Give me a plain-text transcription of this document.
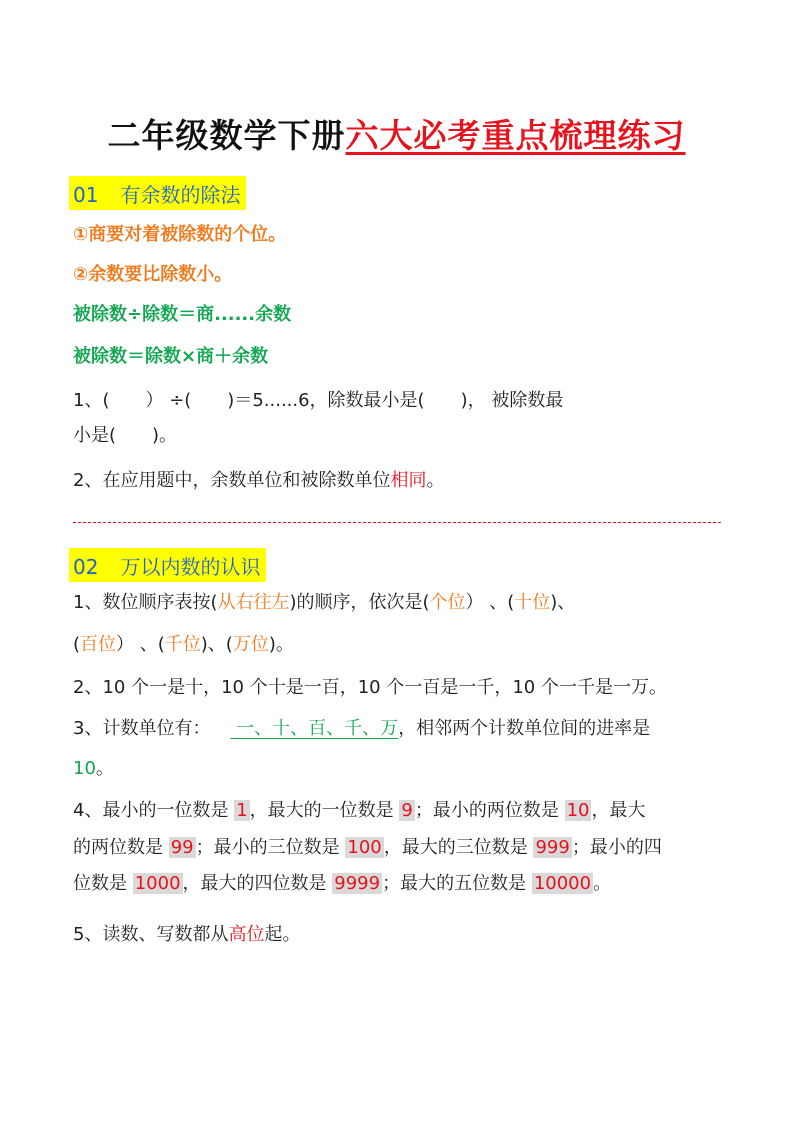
二年级数学下册六大必考重点梳理练习
01 有余数的除法
①商要对着被除数的个位。
②余数要比除数小。
被除数÷除数＝商......余数
被除数＝除数×商＋余数
1、(　　） ÷(　　)＝5......6，除数最小是(　　)， 被除数最
小是(　　)。
2、在应用题中，余数单位和被除数单位相同。
02 万以内数的认识
1、数位顺序表按(从右往左)的顺序，依次是(个位） 、(十位)、
(百位） 、(千位)、(万位)。
2、10 个一是十，10 个十是一百，10 个一百是一千，10 个一千是一万。
3、计数单位有： 一、十、百、千、万，相邻两个计数单位间的进率是
10。
4、最小的一位数是 1 ，最大的一位数是 9 ；最小的两位数是 10 ，最大
的两位数是 99 ；最小的三位数是 100 ，最大的三位数是 999 ；最小的四
位数是 1000 ，最大的四位数是 9999 ；最大的五位数是 10000 。
5、读数、写数都从高位起。
